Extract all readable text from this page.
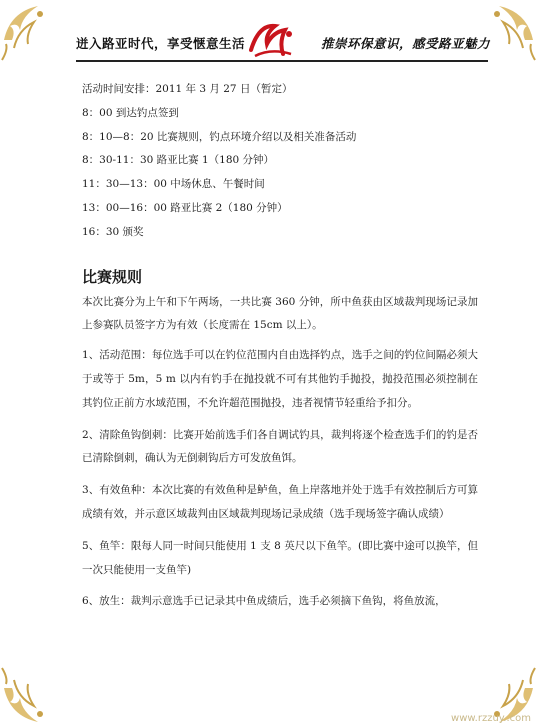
迸入路亚时代，享受惬意生活	推崇环保意识，感受路亚魅力
活动时间安排：2011 年 3 月 27 日（暂定）
8：00 到达钓点签到
8：10—8：20 比赛规则，钓点环境介绍以及相关准备活动
8：30-11：30 路亚比赛 1（180 分钟）
11：30—13：00 中场休息、午餐时间
13：00—16：00 路亚比赛 2（180 分钟）
16：30 颁奖
比赛规则

本次比赛分为上午和下午两场，一共比赛 360 分钟，所中鱼获由区域裁判现场记录加上参赛队员签字方为有效（长度需在 15cm 以上）。

1、活动范围：每位选手可以在钓位范围内自由选择钓点，选手之间的钓位间隔必须大于或等于 5m，5 m 以内有钓手在抛投就不可有其他钓手抛投，抛投范围必须控制在其钓位正前方水域范围，不允许超范围抛投，违者视情节轻重给予扣分。

2、清除鱼钩倒刺：比赛开始前选手们各自调试钓具，裁判将逐个检查选手们的钓是否已清除倒刺，确认为无倒刺钩后方可发放鱼饵。

3、有效鱼种：本次比赛的有效鱼种是鲈鱼，鱼上岸落地并处于选手有效控制后方可算成绩有效，并示意区域裁判由区域裁判现场记录成绩（选手现场签字确认成绩）

5、鱼竿：限每人同一时间只能使用 1 支 8 英尺以下鱼竿。(即比赛中途可以换竿，但一次只能使用一支鱼竿)

6、放生：裁判示意选手已记录其中鱼成绩后，选手必须摘下鱼钩，将鱼放流，

www.rzzuy..com
